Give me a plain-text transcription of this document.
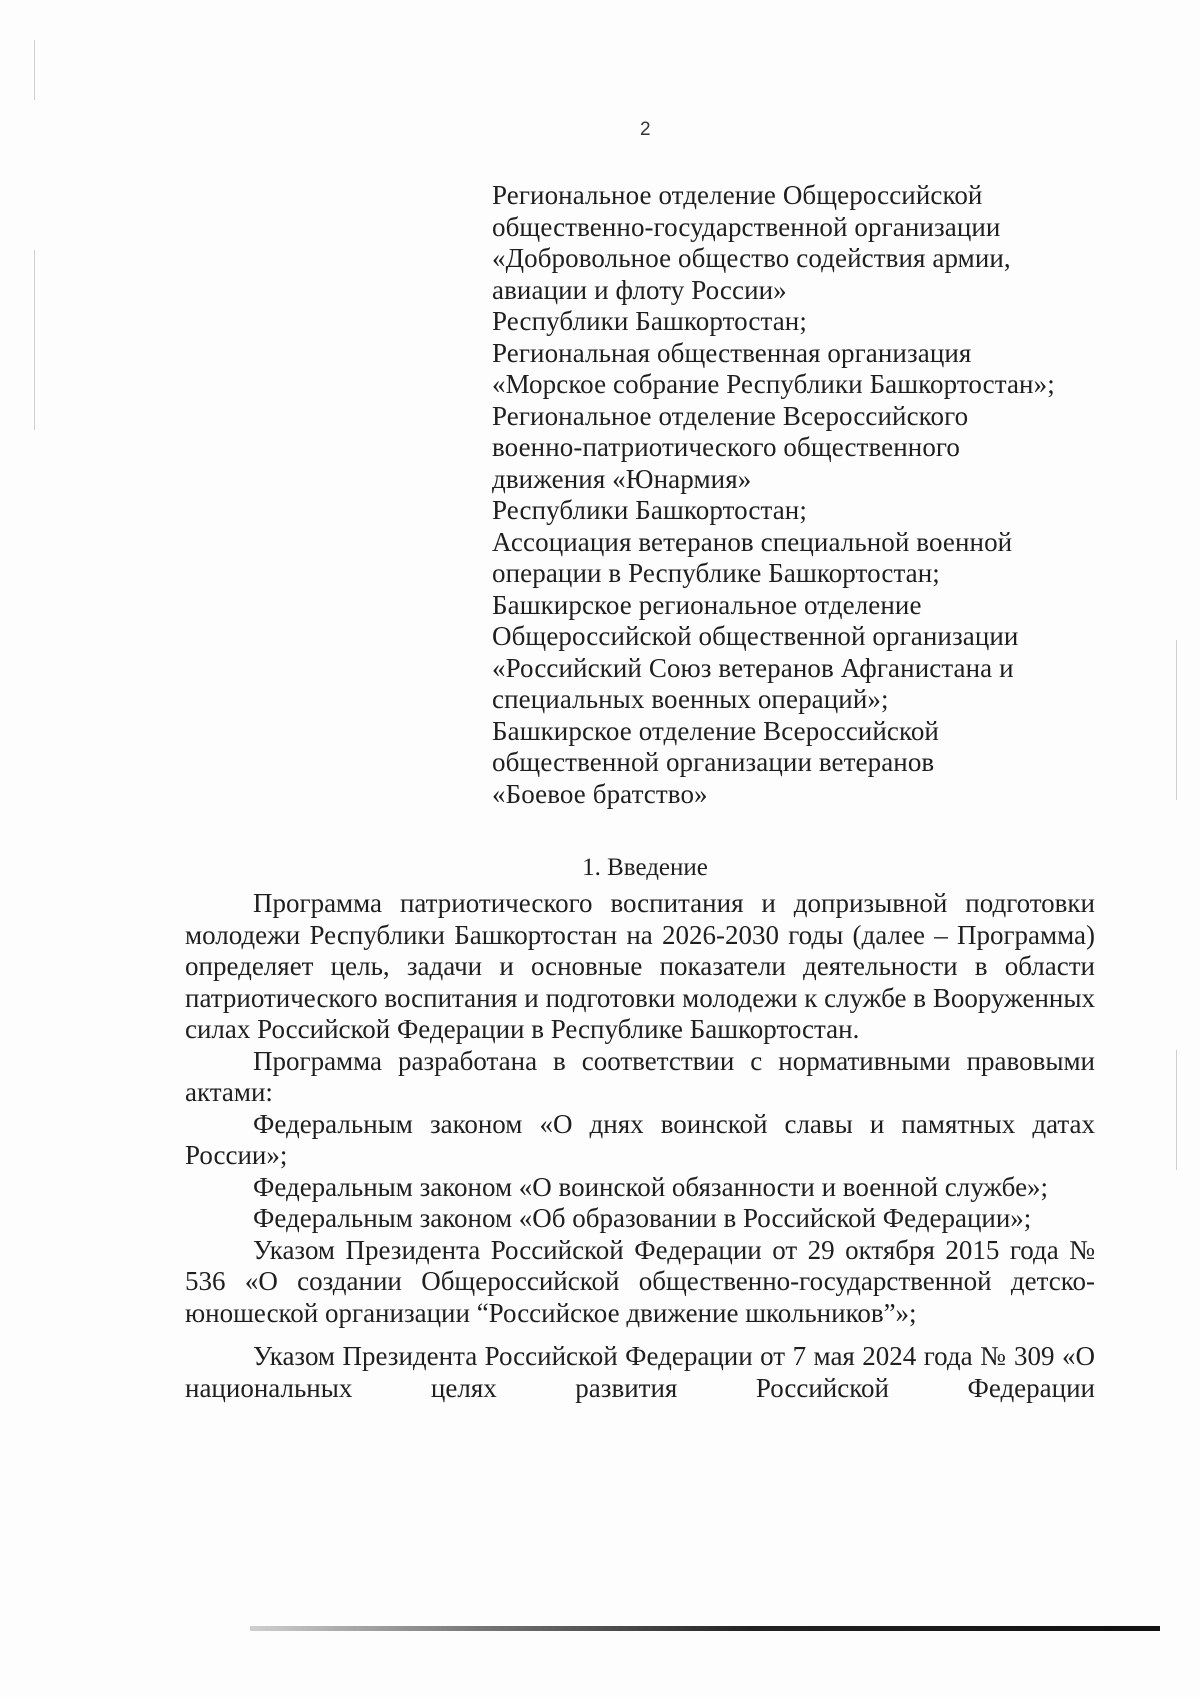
2
Региональное отделение Общероссийской
общественно-государственной организации
«Добровольное общество содействия армии,
авиации и флоту России»
Республики Башкортостан;
Региональная общественная организация
«Морское собрание Республики Башкортостан»;
Региональное отделение Всероссийского
военно-патриотического общественного
движения «Юнармия»
Республики Башкортостан;
Ассоциация ветеранов специальной военной
операции в Республике Башкортостан;
Башкирское региональное отделение
Общероссийской общественной организации
«Российский Союз ветеранов Афганистана и
специальных военных операций»;
Башкирское отделение Всероссийской
общественной организации ветеранов
«Боевое братство»
1. Введение

Программа патриотического воспитания и допризывной подготовки молодежи Республики Башкортостан на 2026-2030 годы (далее – Программа) определяет цель, задачи и основные показатели деятельности в области патриотического воспитания и подготовки молодежи к службе в Вооруженных силах Российской Федерации в Республике Башкортостан.

Программа разработана в соответствии с нормативными правовыми актами:

Федеральным законом «О днях воинской славы и памятных датах России»;

Федеральным законом «О воинской обязанности и военной службе»;

Федеральным законом «Об образовании в Российской Федерации»;

Указом Президента Российской Федерации от 29 октября 2015 года № 536 «О создании Общероссийской общественно-государственной детско-юношеской организации “Российское движение школьников”»;

Указом Президента Российской Федерации от 7 мая 2024 года № 309 «О национальных целях развития Российской Федерации
